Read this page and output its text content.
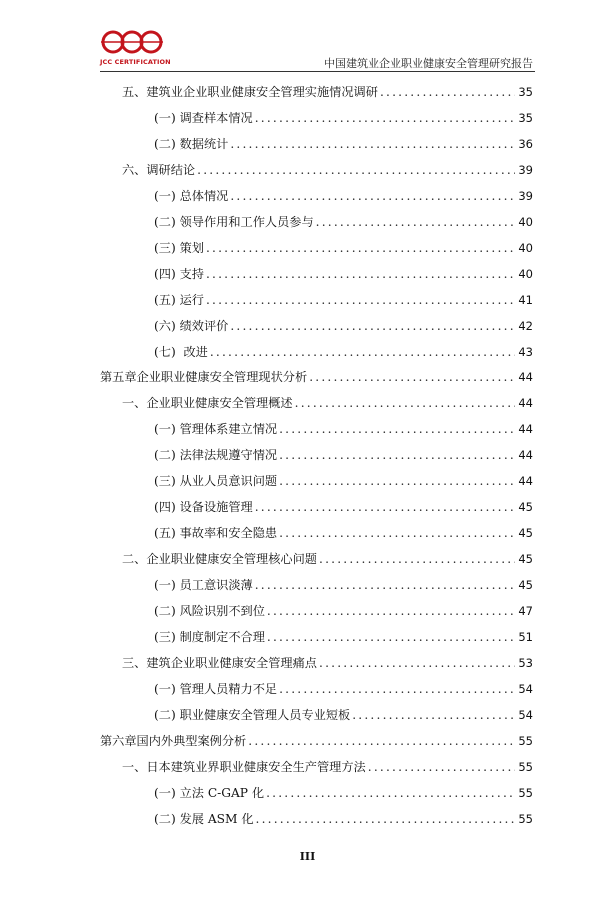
JCC CERTIFICATION	中国建筑业企业职业健康安全管理研究报告
五、建筑业企业职业健康安全管理实施情况调研 .....	35
(一) 调查样本情况 .....	35
(二) 数据统计 .....	36
六、调研结论 .....	39
(一) 总体情况 .....	39
(二) 领导作用和工作人员参与 .....	40
(三) 策划 .....	40
(四) 支持 .....	40
(五) 运行 .....	41
(六) 绩效评价 .....	42
(七)  改进 .....	43
第五章企业职业健康安全管理现状分析 .....	44
一、企业职业健康安全管理概述 .....	44
(一) 管理体系建立情况 .....	44
(二) 法律法规遵守情况 .....	44
(三) 从业人员意识问题 .....	44
(四) 设备设施管理 .....	45
(五) 事故率和安全隐患 .....	45
二、企业职业健康安全管理核心问题 .....	45
(一) 员工意识淡薄 .....	45
(二) 风险识别不到位 .....	47
(三) 制度制定不合理 .....	51
三、建筑企业职业健康安全管理痛点 .....	53
(一) 管理人员精力不足 .....	54
(二) 职业健康安全管理人员专业短板 .....	54
第六章国内外典型案例分析 .....	55
一、日本建筑业界职业健康安全生产管理方法 .....	55
(一) 立法 C-GAP 化 .....	55
(二) 发展 ASM 化 .....	55
III
